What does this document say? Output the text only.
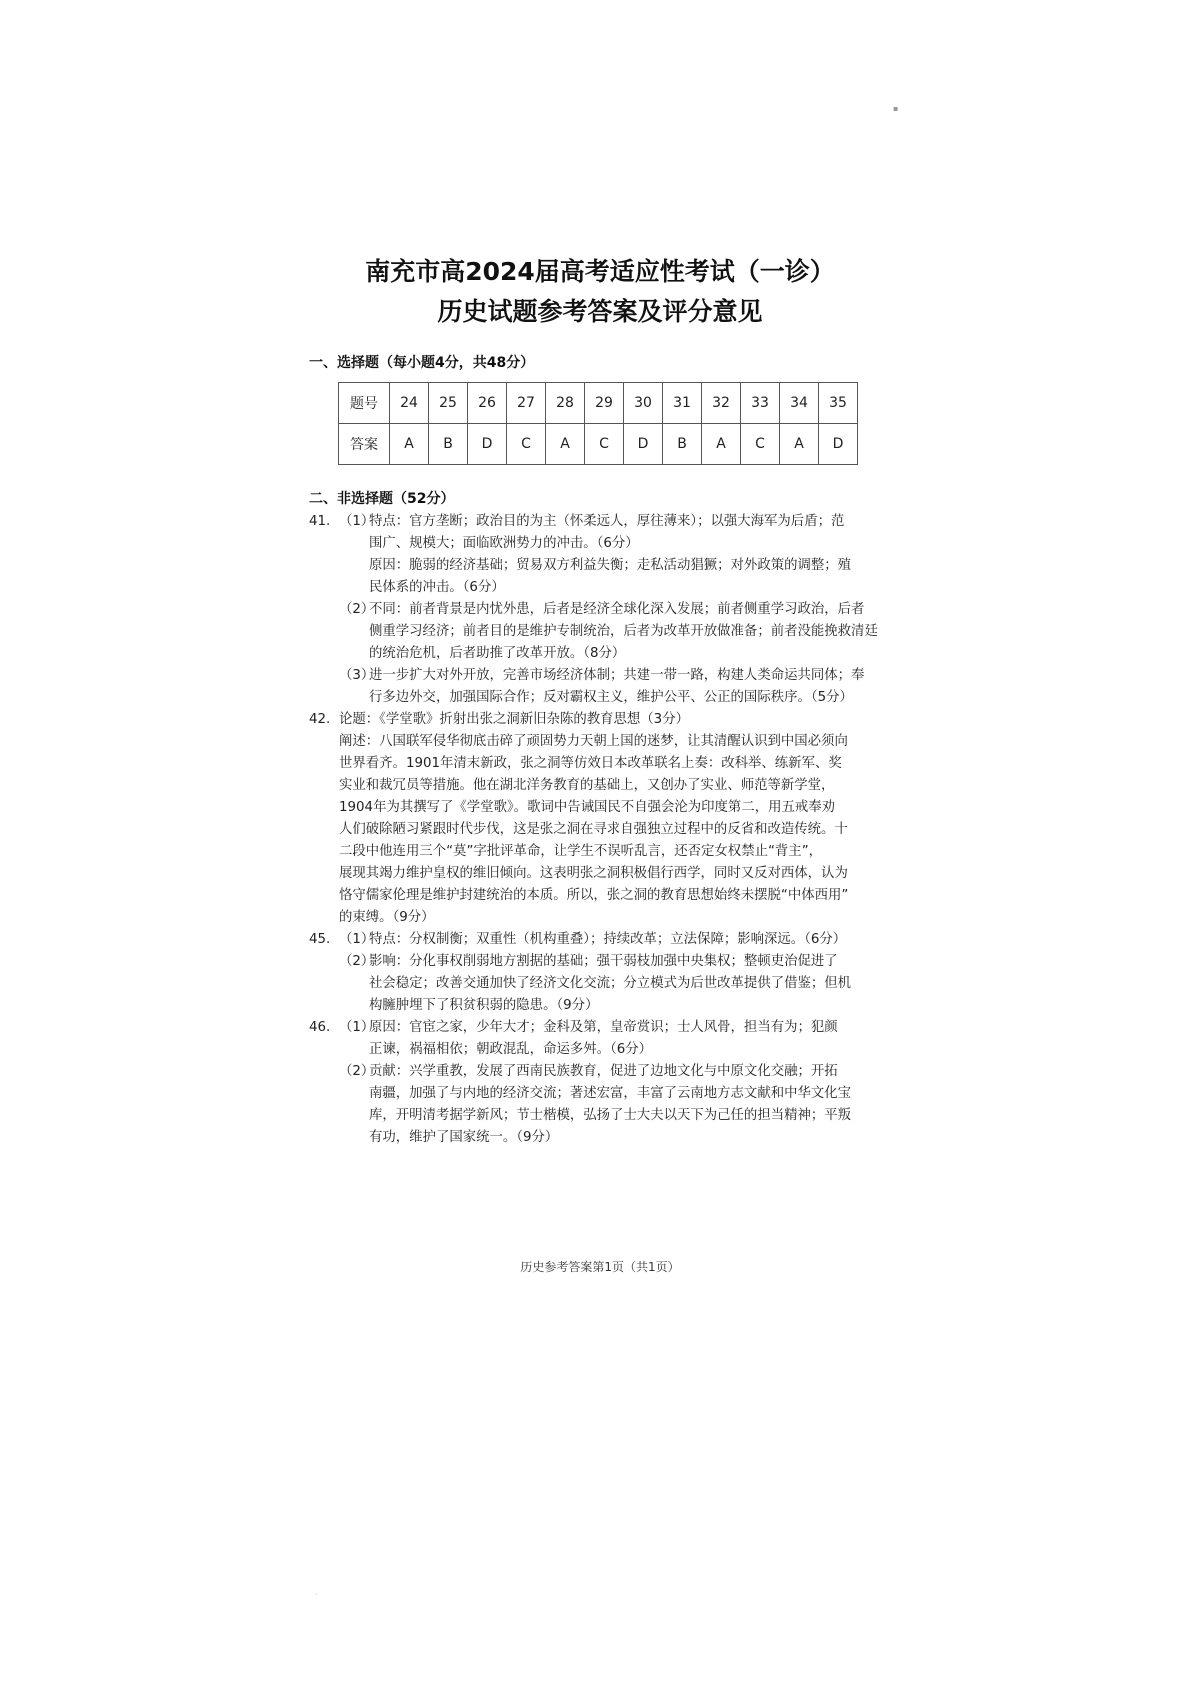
▪
南充市高2024届高考适应性考试（一诊）
历史试题参考答案及评分意见
一、选择题（每小题4分，共48分）
题号	24	25	26	27	28	29	30	31	32	33	34	35
答案	A	B	D	C	A	C	D	B	A	C	A	D
二、非选择题（52分）
41. （1）
特点：官方垄断；政治目的为主（怀柔远人，厚往薄来）；以强大海军为后盾；范

围广、规模大；面临欧洲势力的冲击。（6分）

原因：脆弱的经济基础；贸易双方利益失衡；走私活动猖獗；对外政策的调整；殖

民体系的冲击。（6分）

（2）
不同：前者背景是内忧外患，后者是经济全球化深入发展；前者侧重学习政治，后者

侧重学习经济；前者目的是维护专制统治，后者为改革开放做准备；前者没能挽救清廷

的统治危机，后者助推了改革开放。（8分）

（3）
进一步扩大对外开放，完善市场经济体制；共建一带一路，构建人类命运共同体；奉

行多边外交，加强国际合作；反对霸权主义，维护公平、公正的国际秩序。（5分）

42. 论题：《学堂歌》折射出张之洞新旧杂陈的教育思想（3分）

阐述：八国联军侵华彻底击碎了顽固势力天朝上国的迷梦，让其清醒认识到中国必须向

世界看齐。1901年清末新政，张之洞等仿效日本改革联名上奏：改科举、练新军、奖

实业和裁冗员等措施。他在湖北洋务教育的基础上，又创办了实业、师范等新学堂，

1904年为其撰写了《学堂歌》。歌词中告诫国民不自强会沦为印度第二，用五戒奉劝

人们破除陋习紧跟时代步伐，这是张之洞在寻求自强独立过程中的反省和改造传统。十

二段中他连用三个“莫”字批评革命，让学生不误听乱言，还否定女权禁止“背主”，

展现其竭力维护皇权的维旧倾向。这表明张之洞积极倡行西学，同时又反对西体，认为

恪守儒家伦理是维护封建统治的本质。所以，张之洞的教育思想始终未摆脱“中体西用”

的束缚。（9分）

45. （1）
特点：分权制衡；双重性（机构重叠）；持续改革；立法保障；影响深远。（6分）
（2）
影响：分化事权削弱地方割据的基础；强干弱枝加强中央集权；整顿吏治促进了

社会稳定；改善交通加快了经济文化交流；分立模式为后世改革提供了借鉴；但机

构臃肿埋下了积贫积弱的隐患。（9分）

46. （1）
原因：官宦之家，少年大才；金科及第，皇帝赏识；士人风骨，担当有为；犯颜

正谏，祸福相依；朝政混乱，命运多舛。（6分）

（2）
贡献：兴学重教，发展了西南民族教育，促进了边地文化与中原文化交融；开拓

南疆，加强了与内地的经济交流；著述宏富，丰富了云南地方志文献和中华文化宝

库，开明清考据学新风；节士楷模，弘扬了士大夫以天下为己任的担当精神；平叛

有功，维护了国家统一。（9分）

历史参考答案第1页（共1页）
·
